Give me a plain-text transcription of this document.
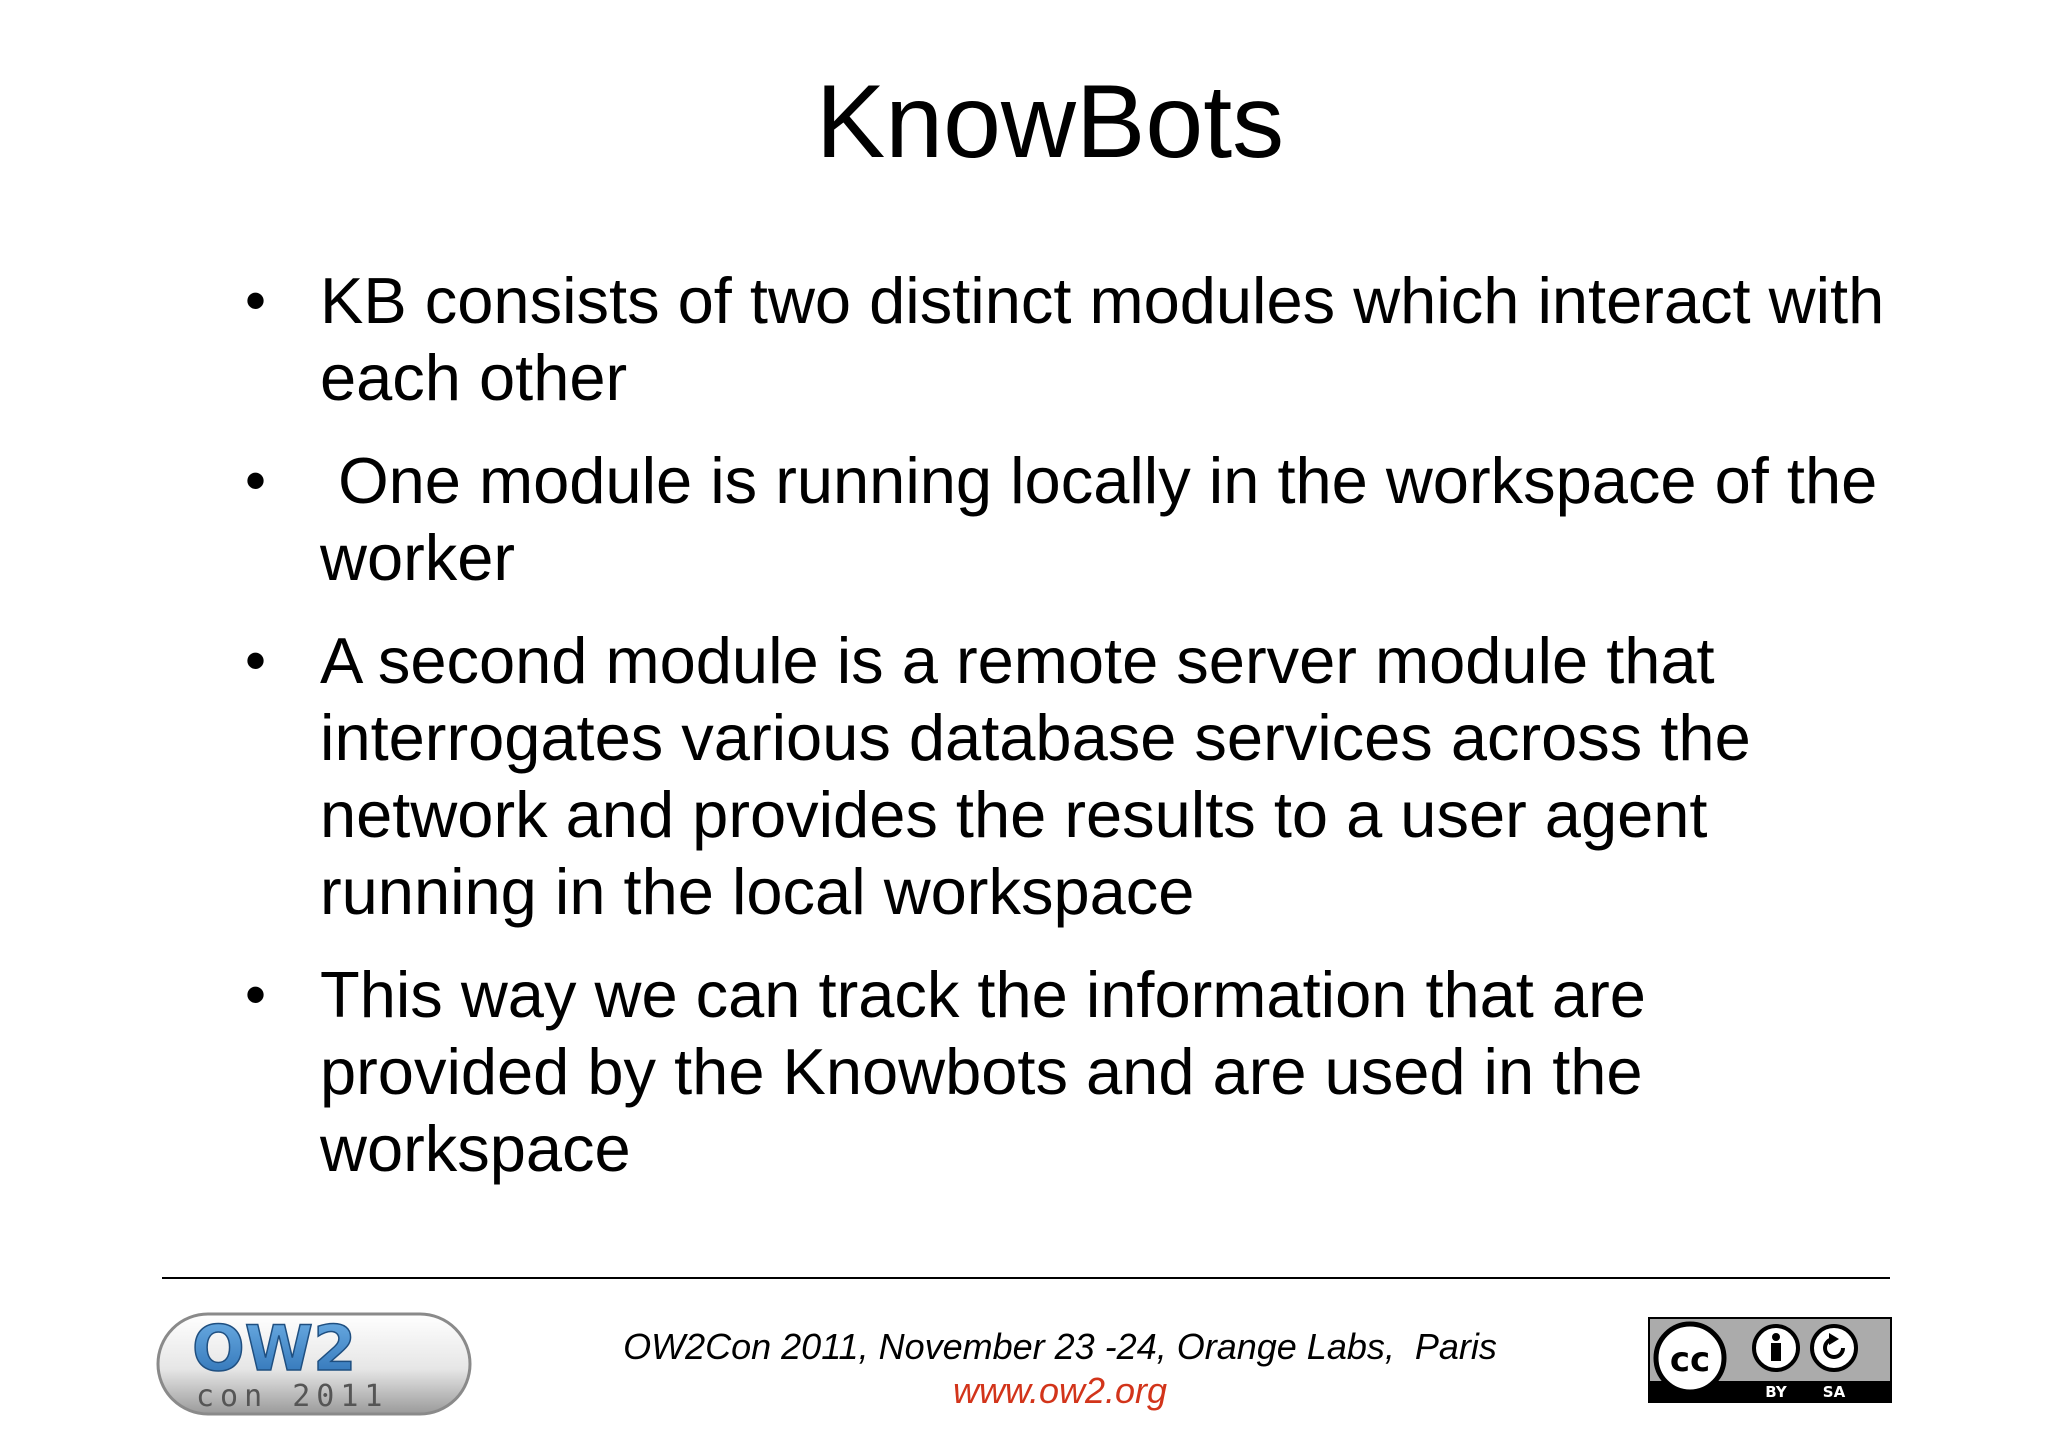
KnowBots
• KB consists of two distinct modules which interact with each other
• One module is running locally in the workspace of the worker
• A second module is a remote server module that interrogates various database services across the network and provides the results to a user agent running in the local workspace
• This way we can track the information that are provided by the Knowbots and are used in the workspace
OW2
con 2011
OW2Con 2011, November 23 -24, Orange Labs,  Paris
www.ow2.org
cc
BY SA
